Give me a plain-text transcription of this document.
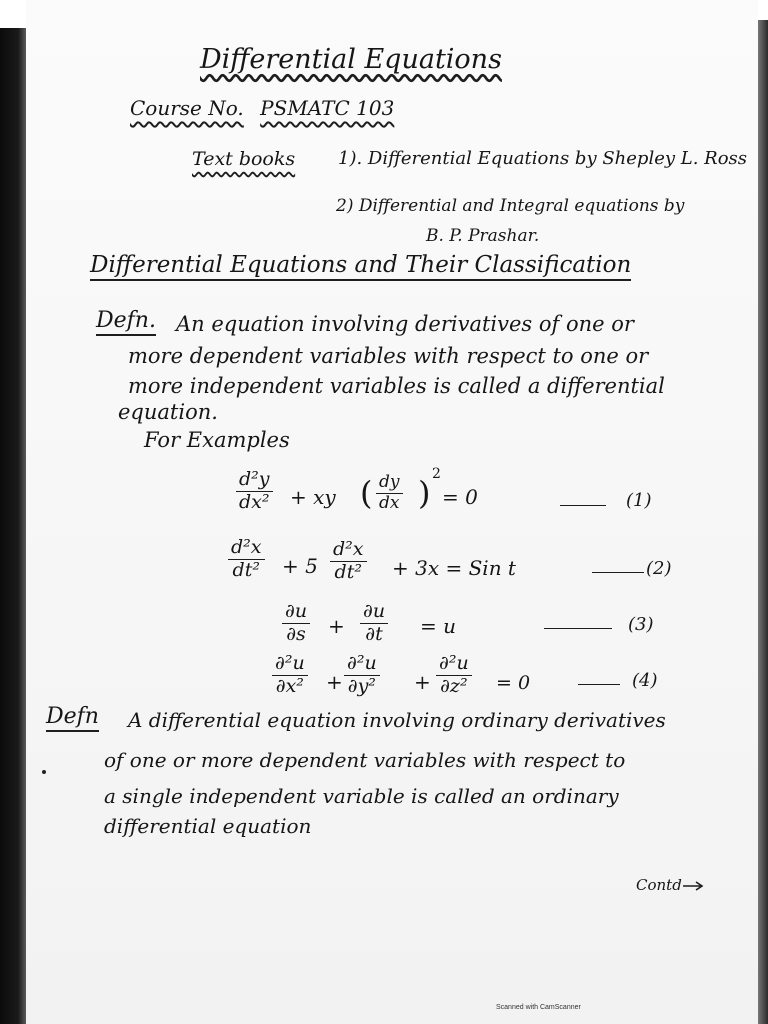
Differential Equations
Course No. PSMATC 103
Text books 1). Differential Equations by Shepley L. Ross
2) Differential and Integral equations by
B. P. Prashar.
Differential Equations and Their Classification
Defn. An equation involving derivatives of one or
more dependent variables with respect to one or
more independent variables is called a differential
equation.
For Examples
$\frac{\text{d²y}}{\text{dx²}}$ + xy ( $\frac{dy}{dx}$ ) 2
= 0	(1)
$\frac{\text{d²x}}{\text{dt²}} + 5 \frac{\text{d²x}}{\text{dt²}} + 3x$ = Sin t	(2)
$\frac{\partial u}{\partial s} + \frac{\partial u}{\partial t} = u$	(3)
$\frac{\text{∂²u}}{\text{∂x²}} + \frac{\text{∂²u}}{\text{∂y²}} + \frac{\text{∂²u}}{\text{∂z²}} = 0$	(4)
Defn A differential equation involving ordinary derivatives
of one or more dependent variables with respect to
a single independent variable is called an ordinary
differential equation
Contd
Scanned with CamScanner
